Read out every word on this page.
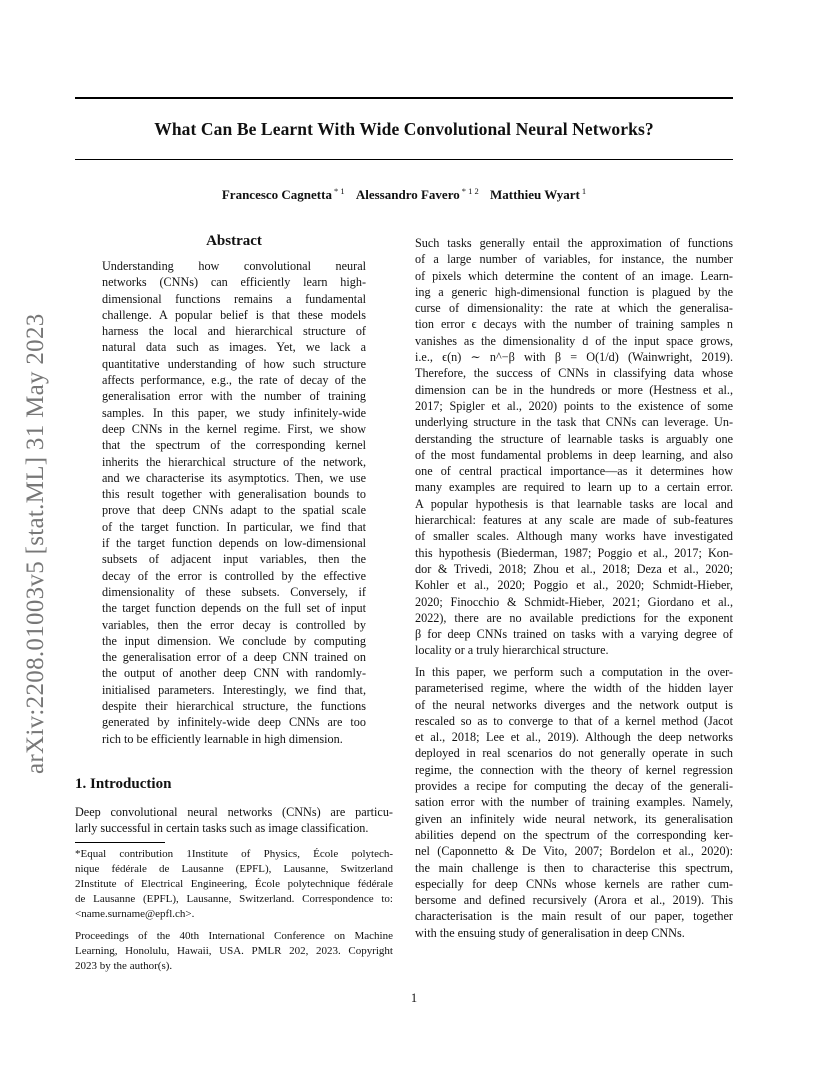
What Can Be Learnt With Wide Convolutional Neural Networks?
Francesco Cagnetta $^{* 1}$ Alessandro Favero $^{* 1 2}$ Matthieu Wyart $^1$
arXiv:2208.01003v5 [stat.ML] 31 May 2023
Abstract
Understanding how convolutional neural
networks (CNNs) can efficiently learn high-
dimensional functions remains a fundamental
challenge. A popular belief is that these models
harness the local and hierarchical structure of
natural data such as images. Yet, we lack a
quantitative understanding of how such structure
affects performance, e.g., the rate of decay of the
generalisation error with the number of training
samples. In this paper, we study infinitely-wide
deep CNNs in the kernel regime. First, we show
that the spectrum of the corresponding kernel
inherits the hierarchical structure of the network,
and we characterise its asymptotics. Then, we use
this result together with generalisation bounds to
prove that deep CNNs adapt to the spatial scale
of the target function. In particular, we find that
if the target function depends on low-dimensional
subsets of adjacent input variables, then the
decay of the error is controlled by the effective
dimensionality of these subsets. Conversely, if
the target function depends on the full set of input
variables, then the error decay is controlled by
the input dimension. We conclude by computing
the generalisation error of a deep CNN trained on
the output of another deep CNN with randomly-
initialised parameters. Interestingly, we find that,
despite their hierarchical structure, the functions
generated by infinitely-wide deep CNNs are too
rich to be efficiently learnable in high dimension.
1. Introduction
Deep convolutional neural networks (CNNs) are particu-
larly successful in certain tasks such as image classification.
*Equal contribution 1Institute of Physics, École polytech-
nique fédérale de Lausanne (EPFL), Lausanne, Switzerland
2Institute of Electrical Engineering, École polytechnique fédérale
de Lausanne (EPFL), Lausanne, Switzerland. Correspondence to:
<name.surname@epfl.ch>.
Proceedings of the 40th International Conference on Machine
Learning, Honolulu, Hawaii, USA. PMLR 202, 2023. Copyright
2023 by the author(s).
Such tasks generally entail the approximation of functions
of a large number of variables, for instance, the number
of pixels which determine the content of an image. Learn-
ing a generic high-dimensional function is plagued by the
curse of dimensionality: the rate at which the generalisa-
tion error ϵ decays with the number of training samples n
vanishes as the dimensionality d of the input space grows,
i.e., ϵ(n) ∼ n^−β with β = O(1/d) (Wainwright, 2019).
Therefore, the success of CNNs in classifying data whose
dimension can be in the hundreds or more (Hestness et al.,
2017; Spigler et al., 2020) points to the existence of some
underlying structure in the task that CNNs can leverage. Un-
derstanding the structure of learnable tasks is arguably one
of the most fundamental problems in deep learning, and also
one of central practical importance—as it determines how
many examples are required to learn up to a certain error.
A popular hypothesis is that learnable tasks are local and
hierarchical: features at any scale are made of sub-features
of smaller scales. Although many works have investigated
this hypothesis (Biederman, 1987; Poggio et al., 2017; Kon-
dor & Trivedi, 2018; Zhou et al., 2018; Deza et al., 2020;
Kohler et al., 2020; Poggio et al., 2020; Schmidt-Hieber,
2020; Finocchio & Schmidt-Hieber, 2021; Giordano et al.,
2022), there are no available predictions for the exponent
β for deep CNNs trained on tasks with a varying degree of
locality or a truly hierarchical structure.
In this paper, we perform such a computation in the over-
parameterised regime, where the width of the hidden layer
of the neural networks diverges and the network output is
rescaled so as to converge to that of a kernel method (Jacot
et al., 2018; Lee et al., 2019). Although the deep networks
deployed in real scenarios do not generally operate in such
regime, the connection with the theory of kernel regression
provides a recipe for computing the decay of the generali-
sation error with the number of training examples. Namely,
given an infinitely wide neural network, its generalisation
abilities depend on the spectrum of the corresponding ker-
nel (Caponnetto & De Vito, 2007; Bordelon et al., 2020):
the main challenge is then to characterise this spectrum,
especially for deep CNNs whose kernels are rather cum-
bersome and defined recursively (Arora et al., 2019). This
characterisation is the main result of our paper, together
with the ensuing study of generalisation in deep CNNs.
1
